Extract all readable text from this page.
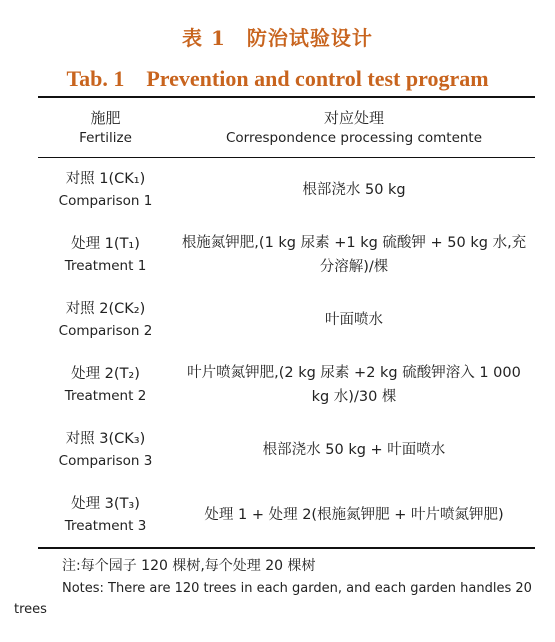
表 1　防治试验设计
Tab. 1　Prevention and control test program
施肥
Fertilize
对应处理
Correspondence processing comtente
对照 1(CK₁)
Comparison 1
根部浇水 50 kg
处理 1(T₁)
Treatment 1
根施氮钾肥,(1 kg 尿素 +1 kg 硫酸钾 + 50 kg 水,充分溶解)/棵
对照 2(CK₂)
Comparison 2
叶面喷水
处理 2(T₂)
Treatment 2
叶片喷氮钾肥,(2 kg 尿素 +2 kg 硫酸钾溶入 1 000 kg 水)/30 棵
对照 3(CK₃)
Comparison 3
根部浇水 50 kg + 叶面喷水
处理 3(T₃)
Treatment 3
处理 1 + 处理 2(根施氮钾肥 + 叶片喷氮钾肥)
注:每个园子 120 棵树,每个处理 20 棵树
Notes: There are 120 trees in each garden, and each garden handles 20 trees
